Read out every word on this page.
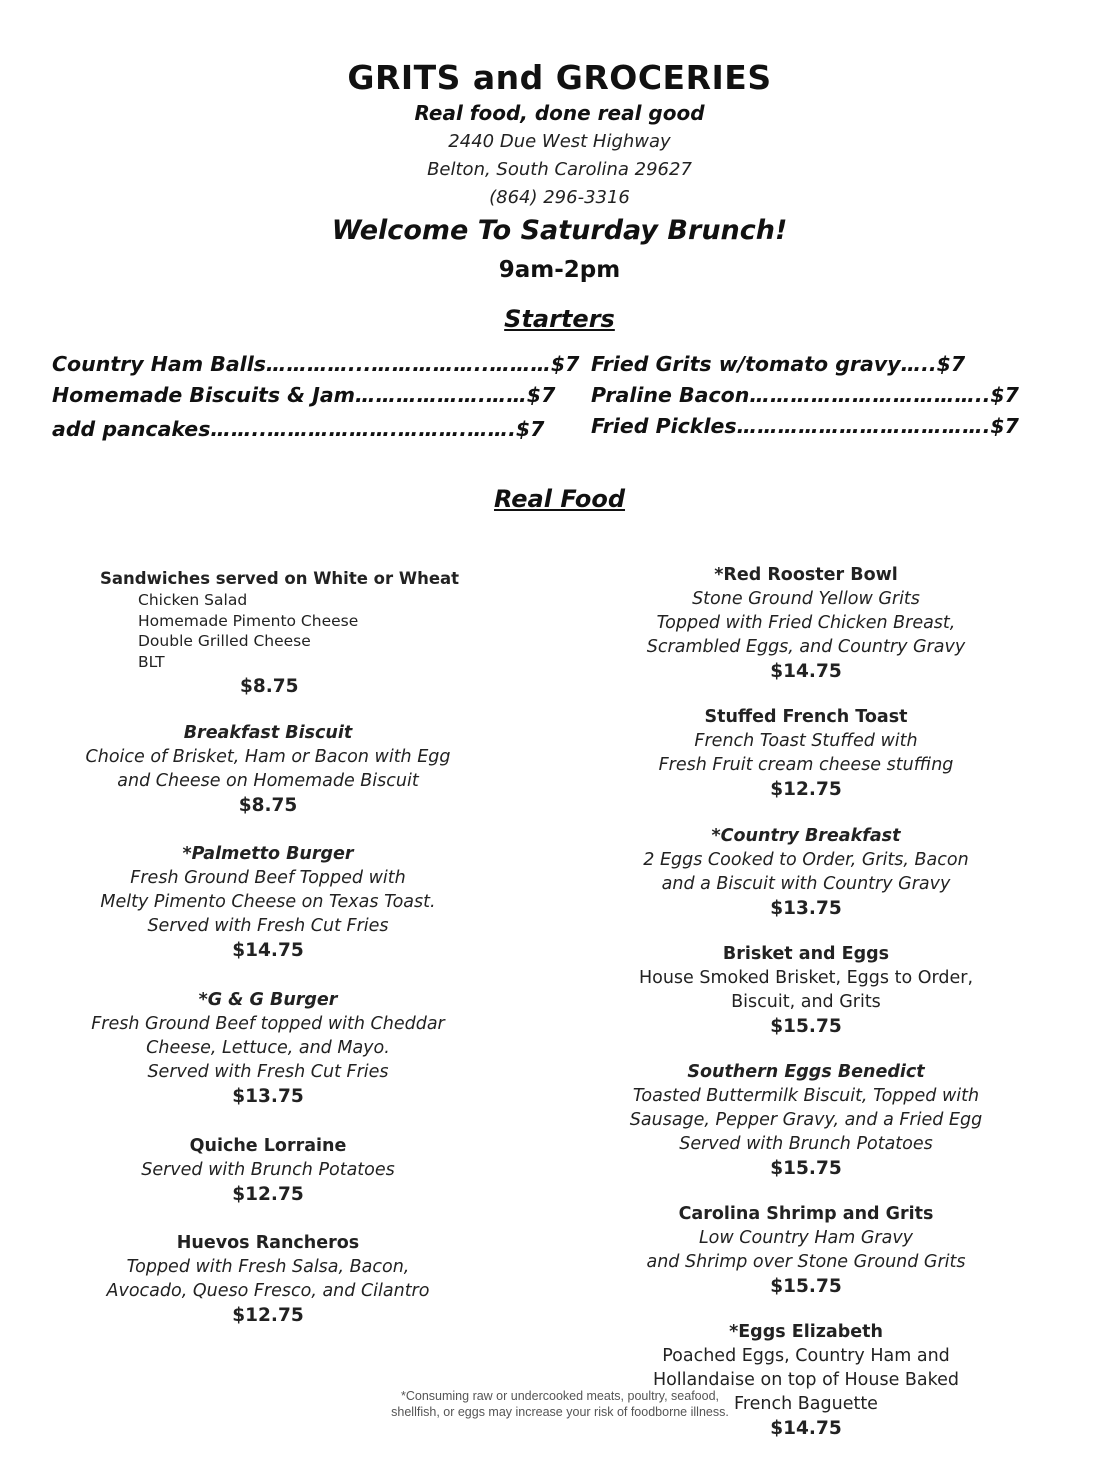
GRITS and GROCERIES
Real food, done real good
2440 Due West Highway
Belton, South Carolina 29627
(864) 296-3316
Welcome To Saturday Brunch!
9am-2pm
Starters
Country Ham Balls…………...……………..………$7
Homemade Biscuits & Jam……………….……$7
add pancakes……..……………….……….…….$7
Fried Grits w/tomato gravy…..$7
Praline Bacon……………………………..$7
Fried Pickles……………………………….$7
Real Food
Sandwiches served on White or Wheat
Chicken Salad
Homemade Pimento Cheese
Double Grilled Cheese
BLT
$8.75
Breakfast Biscuit
Choice of Brisket, Ham or Bacon with Egg
and Cheese on Homemade Biscuit
$8.75
*Palmetto Burger
Fresh Ground Beef Topped with
Melty Pimento Cheese on Texas Toast.
Served with Fresh Cut Fries
$14.75
*G & G Burger
Fresh Ground Beef topped with Cheddar
Cheese, Lettuce, and Mayo.
Served with Fresh Cut Fries
$13.75
Quiche Lorraine
Served with Brunch Potatoes
$12.75
Huevos Rancheros
Topped with Fresh Salsa, Bacon,
Avocado, Queso Fresco, and Cilantro
$12.75
*Red Rooster Bowl
Stone Ground Yellow Grits
Topped with Fried Chicken Breast,
Scrambled Eggs, and Country Gravy
$14.75
Stuffed French Toast
French Toast Stuffed with
Fresh Fruit cream cheese stuffing
$12.75
*Country Breakfast
2 Eggs Cooked to Order, Grits, Bacon
and a Biscuit with Country Gravy
$13.75
Brisket and Eggs
House Smoked Brisket, Eggs to Order,
Biscuit, and Grits
$15.75
Southern Eggs Benedict
Toasted Buttermilk Biscuit, Topped with
Sausage, Pepper Gravy, and a Fried Egg
Served with Brunch Potatoes
$15.75
Carolina Shrimp and Grits
Low Country Ham Gravy
and Shrimp over Stone Ground Grits
$15.75
*Eggs Elizabeth
Poached Eggs, Country Ham and
Hollandaise on top of House Baked
French Baguette
$14.75
*Consuming raw or undercooked meats, poultry, seafood,
shellfish, or eggs may increase your risk of foodborne illness.
